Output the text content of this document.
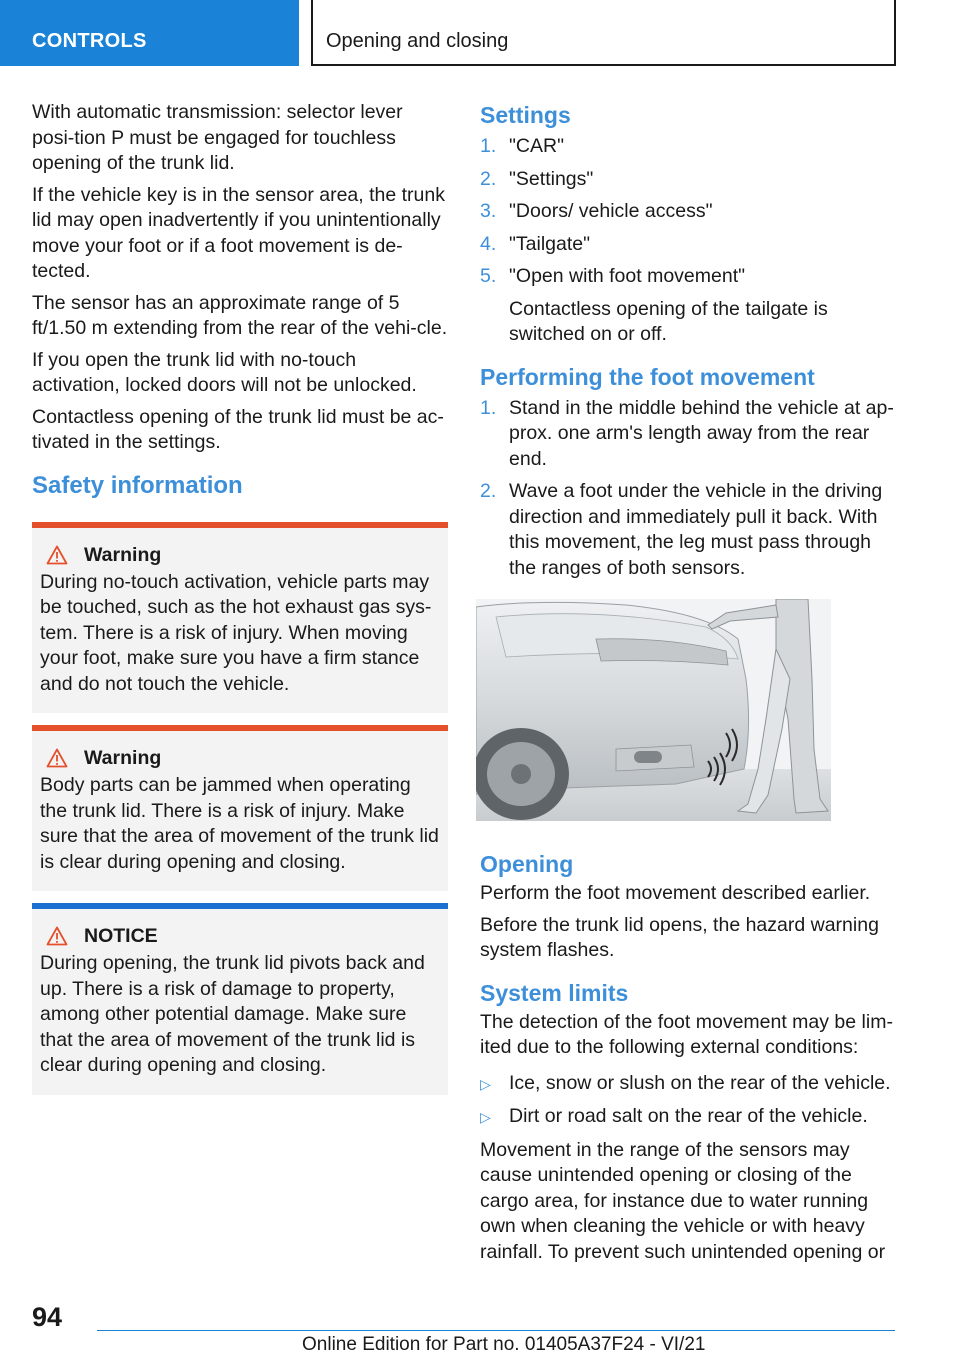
CONTROLS	Opening and closing

With automatic transmission: selector lever posi-tion P must be engaged for touchless opening of the trunk lid.

If the vehicle key is in the sensor area, the trunk lid may open inadvertently if you unintentionally move your foot or if a foot movement is de-tected.

The sensor has an approximate range of 5 ft/1.50 m extending from the rear of the vehi-cle.

If you open the trunk lid with no-touch activation, locked doors will not be unlocked.

Contactless opening of the trunk lid must be ac-tivated in the settings.

Safety information
Warning
During no-touch activation, vehicle parts may be touched, such as the hot exhaust gas sys-tem. There is a risk of injury. When moving your foot, make sure you have a firm stance and do not touch the vehicle.
Warning
Body parts can be jammed when operating the trunk lid. There is a risk of injury. Make sure that the area of movement of the trunk lid is clear during opening and closing.
NOTICE
During opening, the trunk lid pivots back and up. There is a risk of damage to property, among other potential damage. Make sure that the area of movement of the trunk lid is clear during opening and closing.
Settings
1. "CAR"
2. "Settings"
3. "Doors/ vehicle access"
4. "Tailgate"
5. "Open with foot movement"

Contactless opening of the tailgate is switched on or off.

Performing the foot movement
1. Stand in the middle behind the vehicle at ap-prox. one arm's length away from the rear end.
2. Wave a foot under the vehicle in the driving direction and immediately pull it back. With this movement, the leg must pass through the ranges of both sensors.
Opening

Perform the foot movement described earlier.

Before the trunk lid opens, the hazard warning system flashes.

System limits

The detection of the foot movement may be lim-ited due to the following external conditions:

▷ Ice, snow or slush on the rear of the vehicle.
▷ Dirt or road salt on the rear of the vehicle.

Movement in the range of the sensors may cause unintended opening or closing of the cargo area, for instance due to water running own when cleaning the vehicle or with heavy rainfall. To prevent such unintended opening or

94
Online Edition for Part no. 01405A37F24 - VI/21
